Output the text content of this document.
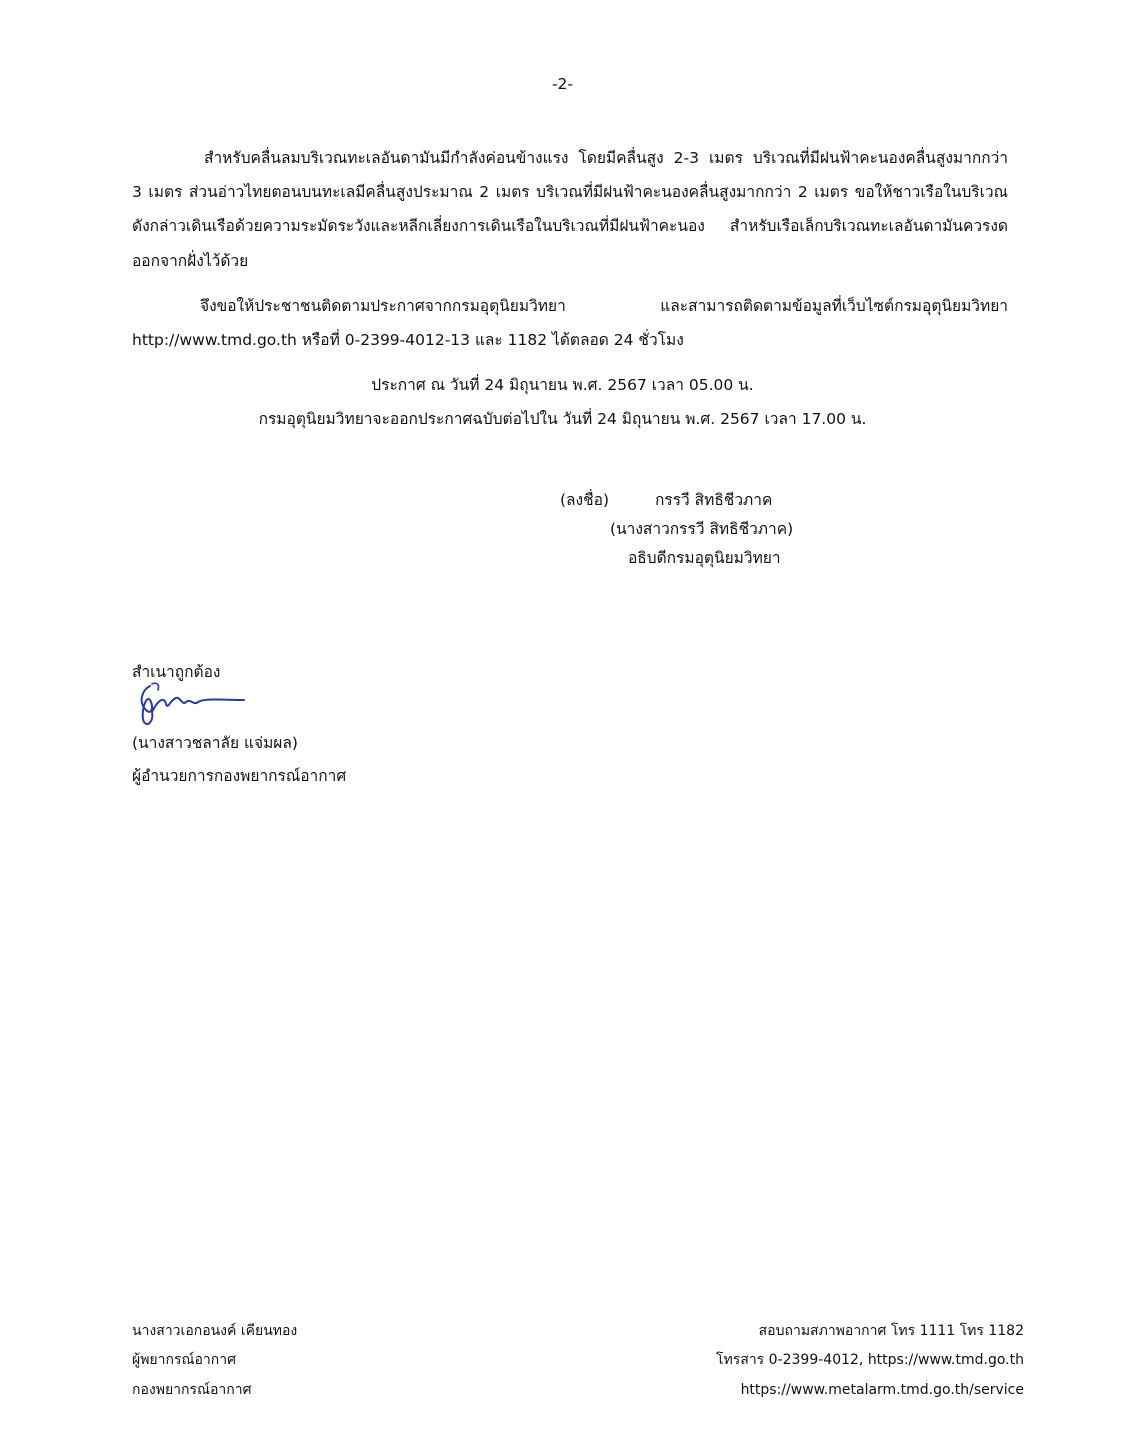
-2-
สำหรับคลื่นลมบริเวณทะเลอันดามันมีกำลังค่อนข้างแรง โดยมีคลื่นสูง 2-3 เมตร บริเวณที่มีฝนฟ้าคะนองคลื่นสูงมากกว่า
3 เมตร ส่วนอ่าวไทยตอนบนทะเลมีคลื่นสูงประมาณ 2 เมตร บริเวณที่มีฝนฟ้าคะนองคลื่นสูงมากกว่า 2 เมตร ขอให้ชาวเรือในบริเวณ
ดังกล่าวเดินเรือด้วยความระมัดระวังและหลีกเลี่ยงการเดินเรือในบริเวณที่มีฝนฟ้าคะนอง สำหรับเรือเล็กบริเวณทะเลอันดามันควรงด
ออกจากฝั่งไว้ด้วย
จึงขอให้ประชาชนติดตามประกาศจากกรมอุตุนิยมวิทยา และสามารถติดตามข้อมูลที่เว็บไซต์กรมอุตุนิยมวิทยา
http://www.tmd.go.th หรือที่ 0-2399-4012-13 และ 1182 ได้ตลอด 24 ชั่วโมง
ประกาศ ณ วันที่ 24 มิถุนายน พ.ศ. 2567 เวลา 05.00 น.
กรมอุตุนิยมวิทยาจะออกประกาศฉบับต่อไปใน วันที่ 24 มิถุนายน พ.ศ. 2567 เวลา 17.00 น.
(ลงชื่อ)	กรรวี สิทธิชีวภาค
(นางสาวกรรวี สิทธิชีวภาค)
อธิบดีกรมอุตุนิยมวิทยา
สำเนาถูกต้อง
(นางสาวชลาลัย แจ่มผล)
ผู้อำนวยการกองพยากรณ์อากาศ
นางสาวเอกอนงค์ เคียนทอง
ผู้พยากรณ์อากาศ
กองพยากรณ์อากาศ
สอบถามสภาพอากาศ โทร 1111 โทร 1182
โทรสาร 0-2399-4012, https://www.tmd.go.th
https://www.metalarm.tmd.go.th/service
